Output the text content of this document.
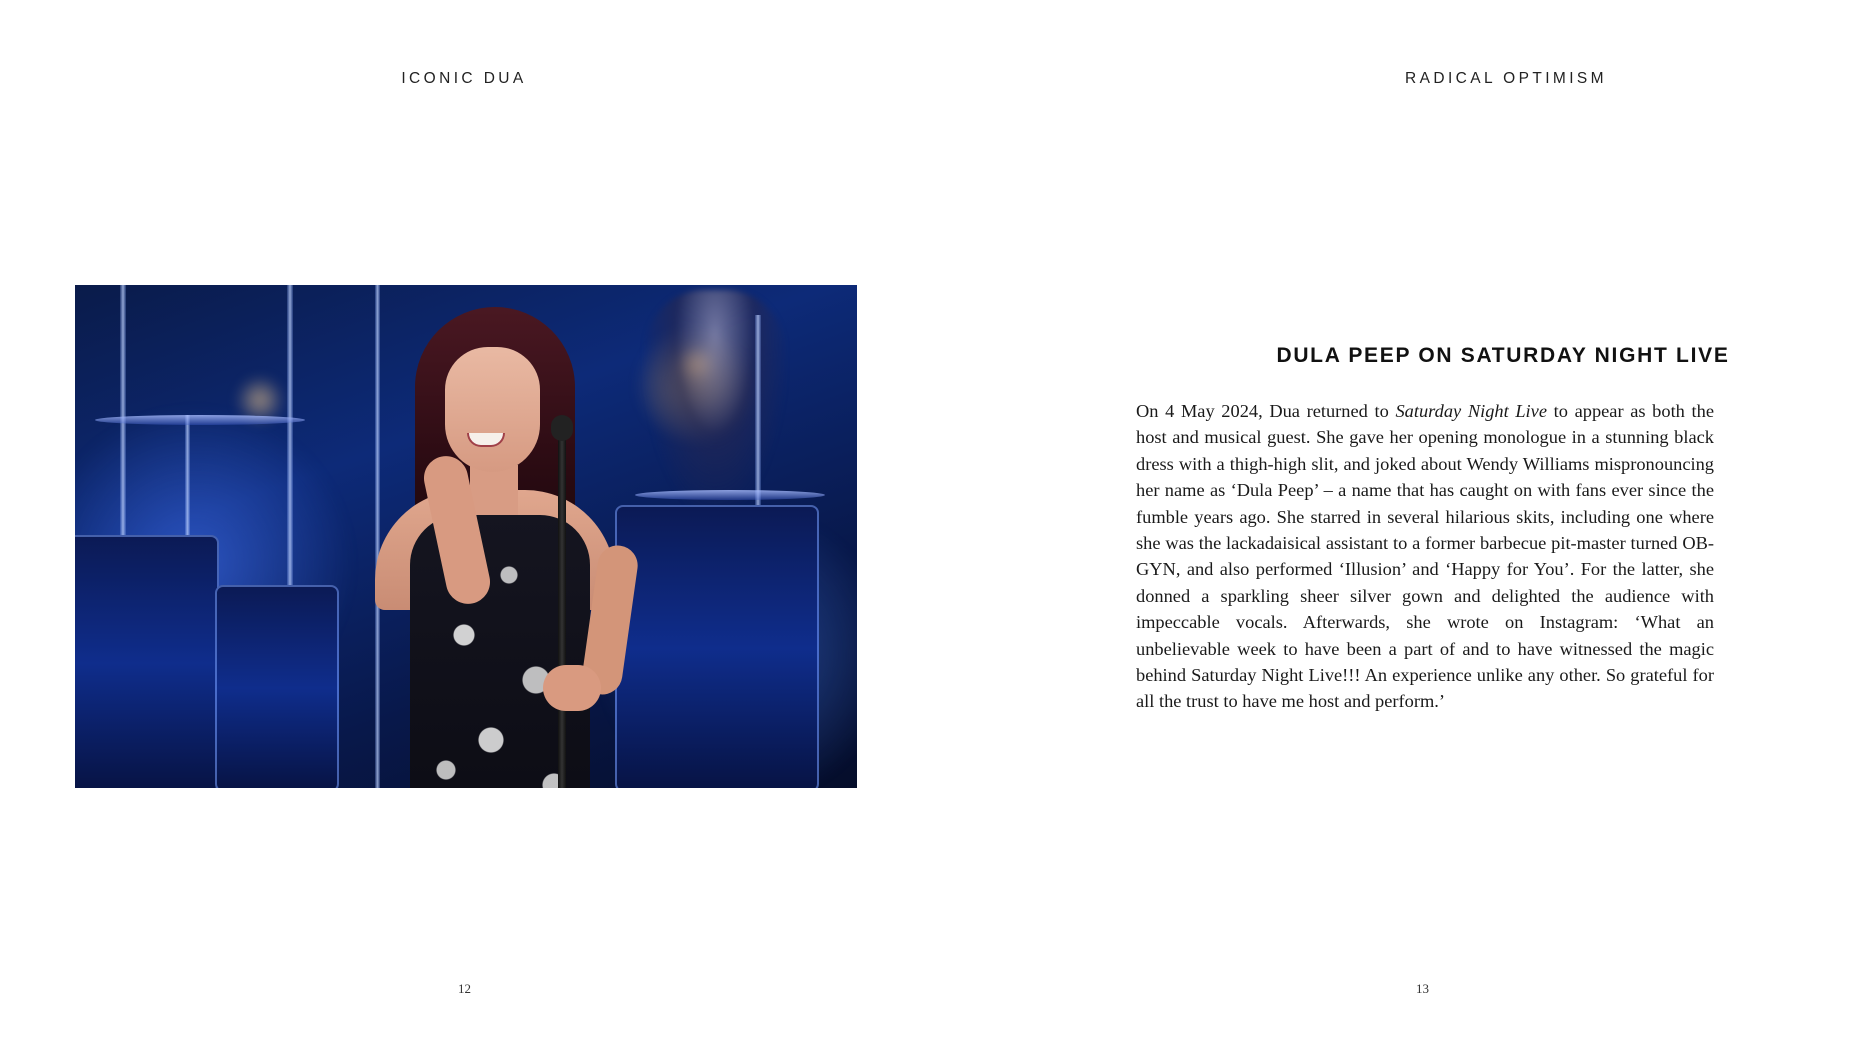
ICONIC DUA
12
RADICAL OPTIMISM
DULA PEEP ON SATURDAY NIGHT LIVE

On 4 May 2024, Dua returned to Saturday Night Live to appear as both the host and musical guest. She gave her opening monologue in a stunning black dress with a thigh-high slit, and joked about Wendy Williams mispronouncing her name as ‘Dula Peep’ – a name that has caught on with fans ever since the fumble years ago. She starred in several hilarious skits, including one where she was the lackadaisical assistant to a former barbecue pit-master turned OB-GYN, and also performed ‘Illusion’ and ‘Happy for You’. For the latter, she donned a sparkling sheer silver gown and delighted the audience with impeccable vocals. Afterwards, she wrote on Instagram: ‘What an unbelievable week to have been a part of and to have witnessed the magic behind Saturday Night Live!!! An experience unlike any other. So grateful for all the trust to have me host and perform.’

13
